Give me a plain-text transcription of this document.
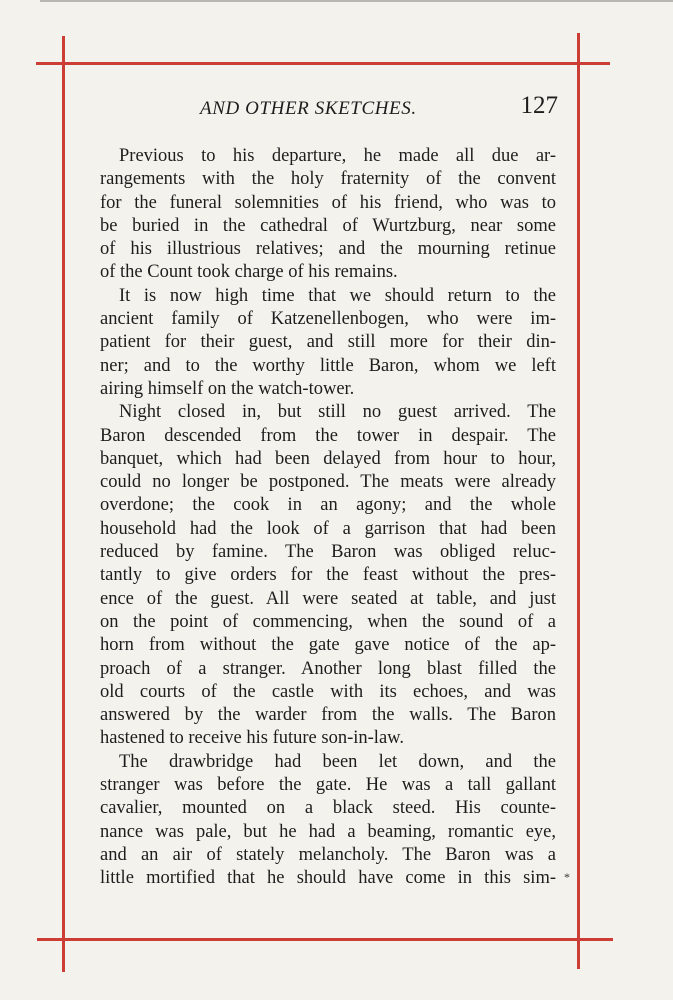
AND OTHER SKETCHES.	127
Previous to his departure, he made all due ar-
rangements with the holy fraternity of the convent
for the funeral solemnities of his friend, who was to
be buried in the cathedral of Wurtzburg, near some
of his illustrious relatives; and the mourning retinue
of the Count took charge of his remains.
It is now high time that we should return to the
ancient family of Katzenellenbogen, who were im-
patient for their guest, and still more for their din-
ner; and to the worthy little Baron, whom we left
airing himself on the watch-tower.
Night closed in, but still no guest arrived. The
Baron descended from the tower in despair. The
banquet, which had been delayed from hour to hour,
could no longer be postponed. The meats were already
overdone; the cook in an agony; and the whole
household had the look of a garrison that had been
reduced by famine. The Baron was obliged reluc-
tantly to give orders for the feast without the pres-
ence of the guest. All were seated at table, and just
on the point of commencing, when the sound of a
horn from without the gate gave notice of the ap-
proach of a stranger. Another long blast filled the
old courts of the castle with its echoes, and was
answered by the warder from the walls. The Baron
hastened to receive his future son-in-law.
The drawbridge had been let down, and the
stranger was before the gate. He was a tall gallant
cavalier, mounted on a black steed. His counte-
nance was pale, but he had a beaming, romantic eye,
and an air of stately melancholy. The Baron was a
little mortified that he should have come in this sim- *
